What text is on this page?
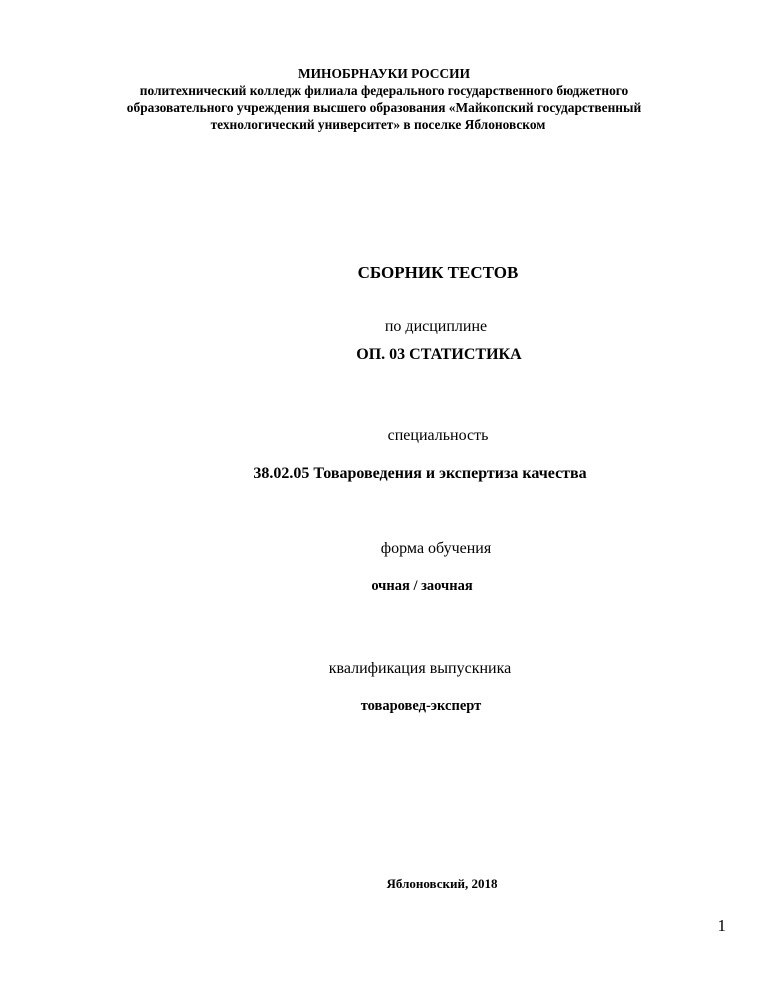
МИНОБРНАУКИ РОССИИ
политехнический колледж филиала федерального государственного бюджетного
образовательного учреждения высшего образования «Майкопский государственный
технологический университет» в поселке Яблоновском
СБОРНИК ТЕСТОВ
по дисциплине
ОП. 03 СТАТИСТИКА
специальность
38.02.05 Товароведения и экспертиза качества
форма обучения
очная / заочная
квалификация выпускника
товаровед-эксперт
Яблоновский, 2018
1
